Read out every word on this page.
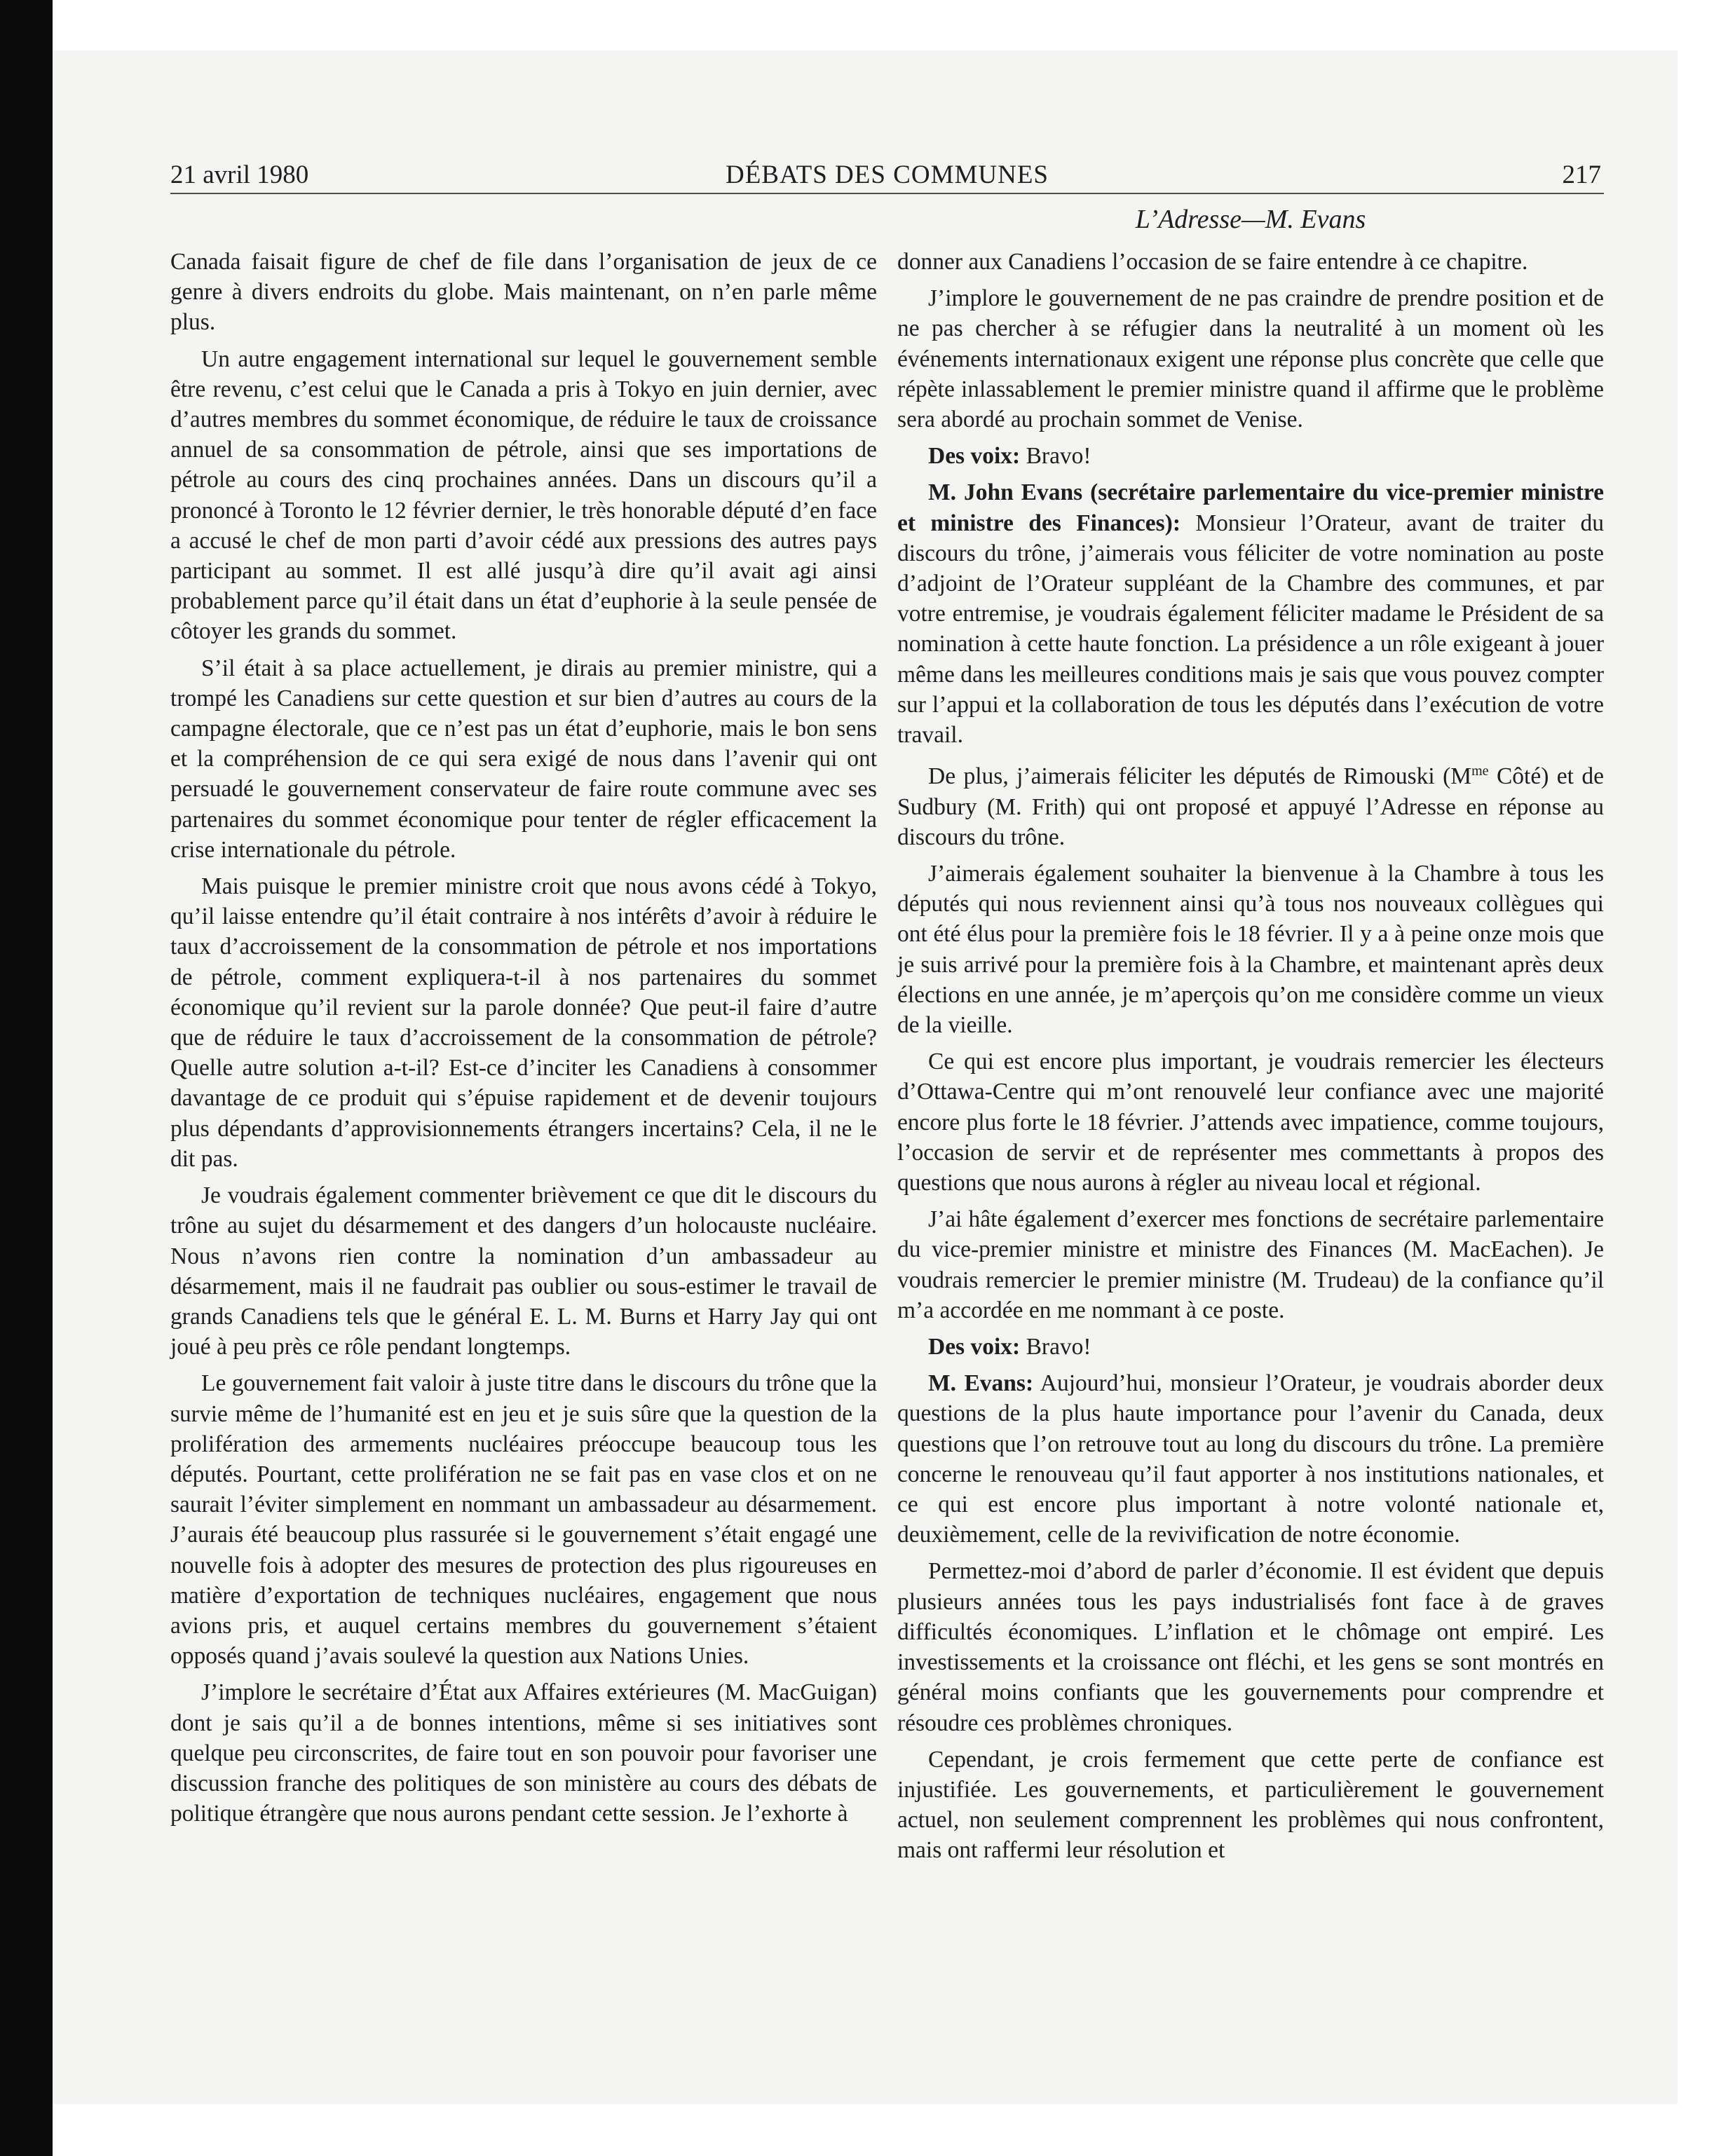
21 avril 1980	DÉBATS DES COMMUNES	217
L’Adresse—M. Evans

Canada faisait figure de chef de file dans l’organisation de jeux de ce genre à divers endroits du globe. Mais maintenant, on n’en parle même plus.

Un autre engagement international sur lequel le gouvernement semble être revenu, c’est celui que le Canada a pris à Tokyo en juin dernier, avec d’autres membres du sommet économique, de réduire le taux de croissance annuel de sa consommation de pétrole, ainsi que ses importations de pétrole au cours des cinq prochaines années. Dans un discours qu’il a prononcé à Toronto le 12 février dernier, le très honorable député d’en face a accusé le chef de mon parti d’avoir cédé aux pressions des autres pays participant au sommet. Il est allé jusqu’à dire qu’il avait agi ainsi probablement parce qu’il était dans un état d’euphorie à la seule pensée de côtoyer les grands du sommet.

S’il était à sa place actuellement, je dirais au premier ministre, qui a trompé les Canadiens sur cette question et sur bien d’autres au cours de la campagne électorale, que ce n’est pas un état d’euphorie, mais le bon sens et la compréhension de ce qui sera exigé de nous dans l’avenir qui ont persuadé le gouvernement conservateur de faire route commune avec ses partenaires du sommet économique pour tenter de régler efficacement la crise internationale du pétrole.

Mais puisque le premier ministre croit que nous avons cédé à Tokyo, qu’il laisse entendre qu’il était contraire à nos intérêts d’avoir à réduire le taux d’accroissement de la consommation de pétrole et nos importations de pétrole, comment expliquera-t-il à nos partenaires du sommet économique qu’il revient sur la parole donnée? Que peut-il faire d’autre que de réduire le taux d’accroissement de la consommation de pétrole? Quelle autre solution a-t-il? Est-ce d’inciter les Canadiens à consommer davantage de ce produit qui s’épuise rapidement et de devenir toujours plus dépendants d’approvisionnements étrangers incertains? Cela, il ne le dit pas.

Je voudrais également commenter brièvement ce que dit le discours du trône au sujet du désarmement et des dangers d’un holocauste nucléaire. Nous n’avons rien contre la nomination d’un ambassadeur au désarmement, mais il ne faudrait pas oublier ou sous-estimer le travail de grands Canadiens tels que le général E. L. M. Burns et Harry Jay qui ont joué à peu près ce rôle pendant longtemps.

Le gouvernement fait valoir à juste titre dans le discours du trône que la survie même de l’humanité est en jeu et je suis sûre que la question de la prolifération des armements nucléaires préoccupe beaucoup tous les députés. Pourtant, cette prolifération ne se fait pas en vase clos et on ne saurait l’éviter simplement en nommant un ambassadeur au désarmement. J’aurais été beaucoup plus rassurée si le gouvernement s’était engagé une nouvelle fois à adopter des mesures de protection des plus rigoureuses en matière d’exportation de techniques nucléaires, engagement que nous avions pris, et auquel certains membres du gouvernement s’étaient opposés quand j’avais soulevé la question aux Nations Unies.

J’implore le secrétaire d’État aux Affaires extérieures (M. MacGuigan) dont je sais qu’il a de bonnes intentions, même si ses initiatives sont quelque peu circonscrites, de faire tout en son pouvoir pour favoriser une discussion franche des politiques de son ministère au cours des débats de politique étrangère que nous aurons pendant cette session. Je l’exhorte à

donner aux Canadiens l’occasion de se faire entendre à ce chapitre.

J’implore le gouvernement de ne pas craindre de prendre position et de ne pas chercher à se réfugier dans la neutralité à un moment où les événements internationaux exigent une réponse plus concrète que celle que répète inlassablement le premier ministre quand il affirme que le problème sera abordé au prochain sommet de Venise.

Des voix: Bravo!

M. John Evans (secrétaire parlementaire du vice-premier ministre et ministre des Finances): Monsieur l’Orateur, avant de traiter du discours du trône, j’aimerais vous féliciter de votre nomination au poste d’adjoint de l’Orateur suppléant de la Chambre des communes, et par votre entremise, je voudrais également féliciter madame le Président de sa nomination à cette haute fonction. La présidence a un rôle exigeant à jouer même dans les meilleures conditions mais je sais que vous pouvez compter sur l’appui et la collaboration de tous les députés dans l’exécution de votre travail.

De plus, j’aimerais féliciter les députés de Rimouski ($M^{me}$ Côté) et de Sudbury (M. Frith) qui ont proposé et appuyé l’Adresse en réponse au discours du trône.

J’aimerais également souhaiter la bienvenue à la Chambre à tous les députés qui nous reviennent ainsi qu’à tous nos nouveaux collègues qui ont été élus pour la première fois le 18 février. Il y a à peine onze mois que je suis arrivé pour la première fois à la Chambre, et maintenant après deux élections en une année, je m’aperçois qu’on me considère comme un vieux de la vieille.

Ce qui est encore plus important, je voudrais remercier les électeurs d’Ottawa-Centre qui m’ont renouvelé leur confiance avec une majorité encore plus forte le 18 février. J’attends avec impatience, comme toujours, l’occasion de servir et de représenter mes commettants à propos des questions que nous aurons à régler au niveau local et régional.

J’ai hâte également d’exercer mes fonctions de secrétaire parlementaire du vice-premier ministre et ministre des Finances (M. MacEachen). Je voudrais remercier le premier ministre (M. Trudeau) de la confiance qu’il m’a accordée en me nommant à ce poste.

Des voix: Bravo!

M. Evans: Aujourd’hui, monsieur l’Orateur, je voudrais aborder deux questions de la plus haute importance pour l’avenir du Canada, deux questions que l’on retrouve tout au long du discours du trône. La première concerne le renouveau qu’il faut apporter à nos institutions nationales, et ce qui est encore plus important à notre volonté nationale et, deuxièmement, celle de la revivification de notre économie.

Permettez-moi d’abord de parler d’économie. Il est évident que depuis plusieurs années tous les pays industrialisés font face à de graves difficultés économiques. L’inflation et le chômage ont empiré. Les investissements et la croissance ont fléchi, et les gens se sont montrés en général moins confiants que les gouvernements pour comprendre et résoudre ces problèmes chroniques.

Cependant, je crois fermement que cette perte de confiance est injustifiée. Les gouvernements, et particulièrement le gouvernement actuel, non seulement comprennent les problèmes qui nous confrontent, mais ont raffermi leur résolution et
